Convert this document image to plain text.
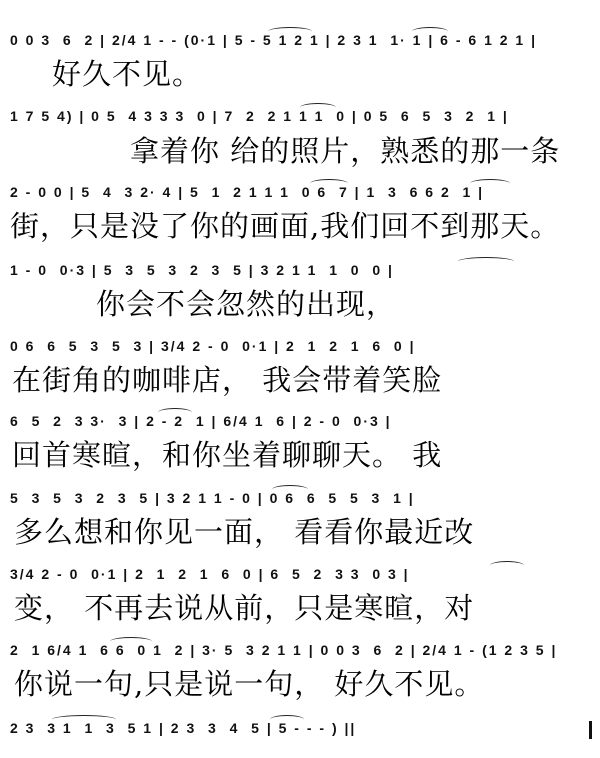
0 0 3  6  2 | 2/4 1 - - (0·1 | 5 - 5 1 2 1 | 2 3 1  1· 1 | 6 - 6 1 2 1 |
1 7 5 4) | 0 5  4 3 3 3  0 | 7  2  2 1 1 1  0 | 0 5  6  5  3  2  1 |
2 - 0 0 | 5  4  3 2· 4 | 5  1  2 1 1 1  0 6  7 | 1  3  6 6 2  1 |
1 - 0  0·3 | 5  3  5  3  2  3  5 | 3 2 1 1  1  0  0 |
0 6  6  5  3  5  3 | 3/4 2 - 0  0·1 | 2  1  2  1  6  0 |
6  5  2  3 3·  3 | 2 - 2  1 | 6/4 1  6 | 2 - 0  0·3 |
5  3  5  3  2  3  5 | 3 2 1 1 - 0 | 0 6  6  5  5  3  1 |
3/4 2 - 0  0·1 | 2  1  2  1  6  0 | 6  5  2  3 3  0 3 |
2  1 6/4 1  6 6  0 1  2 | 3· 5  3 2 1 1 | 0 0 3  6  2 | 2/4 1 - (1 2 3 5 |
2 3  3 1  1  3  5 1 | 2 3  3  4  5 | 5 - - - ) ||
好久不见。
拿着你 给的照片，熟悉的那一条
街，只是没了你的画面,我们回不到那天。
你会不会忽然的出现，
在街角的咖啡店， 我会带着笑脸
回首寒暄，和你坐着聊聊天。 我
多么想和你见一面， 看看你最近改
变， 不再去说从前，只是寒暄，对
你说一句,只是说一句， 好久不见。
